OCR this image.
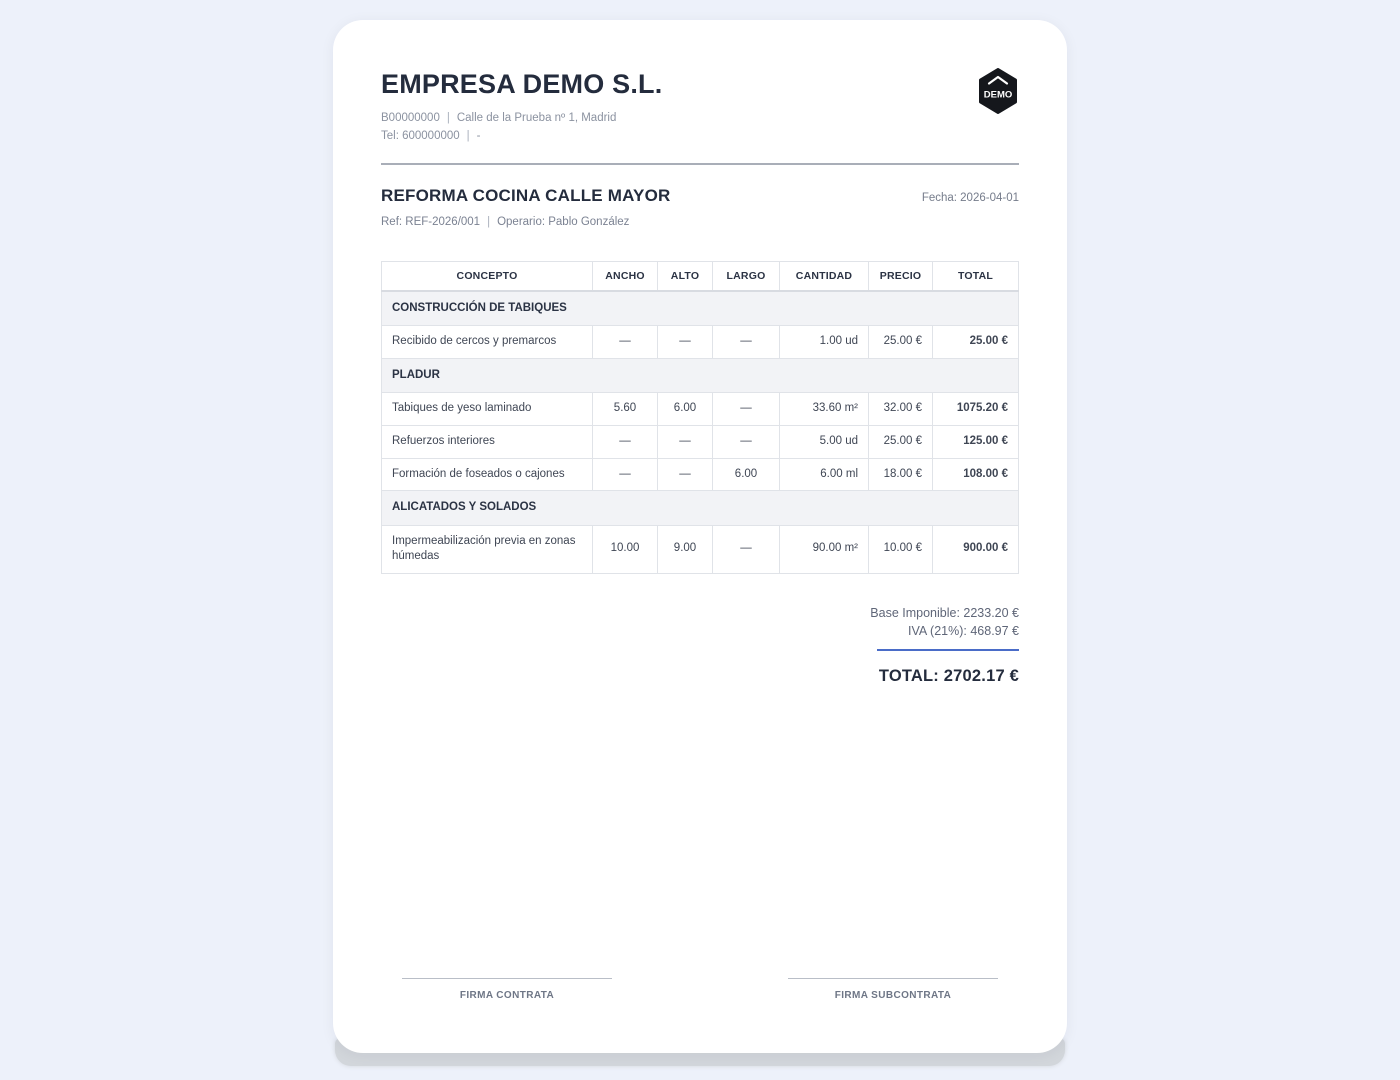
EMPRESA DEMO S.L.
B00000000 | Calle de la Prueba nº 1, Madrid
Tel: 600000000 | -
DEMO
REFORMA COCINA CALLE MAYOR	Fecha: 2026-04-01
Ref: REF-2026/001 | Operario: Pablo González
CONCEPTO	ANCHO	ALTO	LARGO	CANTIDAD	PRECIO	TOTAL
CONSTRUCCIÓN DE TABIQUES						
Recibido de cercos y premarcos	—	—	—	1.00 ud	25.00 €	25.00 €
PLADUR						
Tabiques de yeso laminado	5.60	6.00	—	33.60 m²	32.00 €	1075.20 €
Refuerzos interiores	—	—	—	5.00 ud	25.00 €	125.00 €
Formación de foseados o cajones	—	—	6.00	6.00 ml	18.00 €	108.00 €
ALICATADOS Y SOLADOS						
Impermeabilización previa en zonas húmedas	10.00	9.00	—	90.00 m²	10.00 €	900.00 €
Base Imponible: 2233.20 €
IVA (21%): 468.97 €
TOTAL: 2702.17 €
FIRMA CONTRATA	FIRMA SUBCONTRATA
